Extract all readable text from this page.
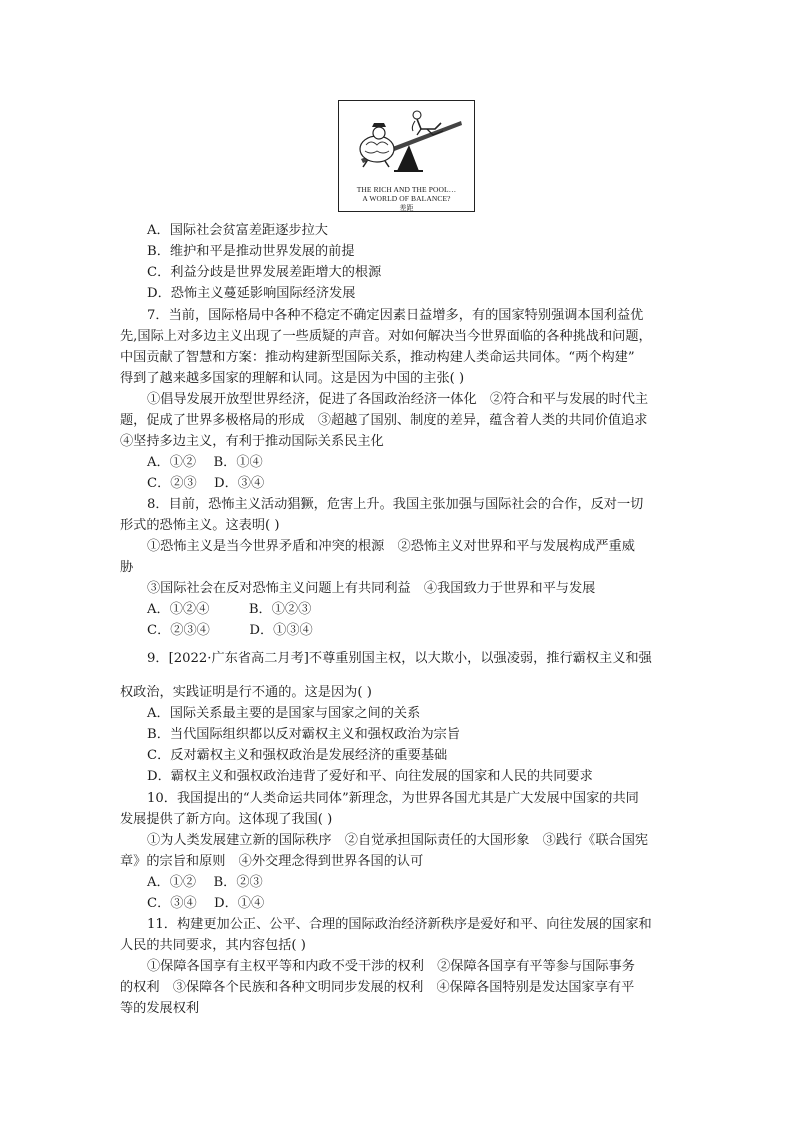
THE RICH AND THE POOL…
A WORLD OF BALANCE?
差距
A．国际社会贫富差距逐步拉大
B．维护和平是推动世界发展的前提
C．利益分歧是世界发展差距增大的根源
D．恐怖主义蔓延影响国际经济发展
7．当前，国际格局中各种不稳定不确定因素日益增多，有的国家特别强调本国利益优
先,国际上对多边主义出现了一些质疑的声音。对如何解决当今世界面临的各种挑战和问题，
中国贡献了智慧和方案：推动构建新型国际关系，推动构建人类命运共同体。“两个构建”
得到了越来越多国家的理解和认同。这是因为中国的主张( )
①倡导发展开放型世界经济，促进了各国政治经济一体化　②符合和平与发展的时代主
题，促成了世界多极格局的形成　③超越了国别、制度的差异，蕴含着人类的共同价值追求
④坚持多边主义，有利于推动国际关系民主化
A．①②　 B．①④
C．②③　 D．③④
8．目前，恐怖主义活动猖獗，危害上升。我国主张加强与国际社会的合作，反对一切
形式的恐怖主义。这表明( )
①恐怖主义是当今世界矛盾和冲突的根源　②恐怖主义对世界和平与发展构成严重威
胁
③国际社会在反对恐怖主义问题上有共同利益　④我国致力于世界和平与发展
A．①②④　　　B．①②③
C．②③④　　　D．①③④
9．[2022·广东省高二月考]不尊重别国主权，以大欺小，以强凌弱，推行霸权主义和强
权政治，实践证明是行不通的。这是因为( )
A．国际关系最主要的是国家与国家之间的关系
B．当代国际组织都以反对霸权主义和强权政治为宗旨
C．反对霸权主义和强权政治是发展经济的重要基础
D．霸权主义和强权政治违背了爱好和平、向往发展的国家和人民的共同要求
10．我国提出的“人类命运共同体”新理念，为世界各国尤其是广大发展中国家的共同
发展提供了新方向。这体现了我国( )
①为人类发展建立新的国际秩序　②自觉承担国际责任的大国形象　③践行《联合国宪
章》的宗旨和原则　④外交理念得到世界各国的认可
A．①②　 B．②③
C．③④　 D．①④
11．构建更加公正、公平、合理的国际政治经济新秩序是爱好和平、向往发展的国家和
人民的共同要求，其内容包括( )
①保障各国享有主权平等和内政不受干涉的权利　②保障各国享有平等参与国际事务
的权利　③保障各个民族和各种文明同步发展的权利　④保障各国特别是发达国家享有平
等的发展权利
